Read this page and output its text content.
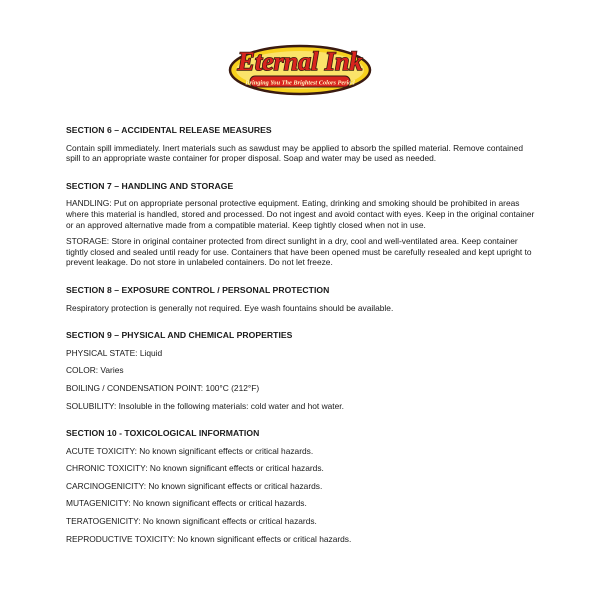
Eternal Ink
Bringing You The Brightest Colors Period
SECTION 6 – ACCIDENTAL RELEASE MEASURES
Contain spill immediately. Inert materials such as sawdust may be applied to absorb the spilled material. Remove contained spill to an appropriate waste container for proper disposal. Soap and water may be used as needed.
SECTION 7 – HANDLING AND STORAGE
HANDLING: Put on appropriate personal protective equipment. Eating, drinking and smoking should be prohibited in areas where this material is handled, stored and processed. Do not ingest and avoid contact with eyes. Keep in the original container or an approved alternative made from a compatible material. Keep tightly closed when not in use.
STORAGE: Store in original container protected from direct sunlight in a dry, cool and well-ventilated area. Keep container tightly closed and sealed until ready for use. Containers that have been opened must be carefully resealed and kept upright to prevent leakage. Do not store in unlabeled containers. Do not let freeze.
SECTION 8 – EXPOSURE CONTROL / PERSONAL PROTECTION
Respiratory protection is generally not required. Eye wash fountains should be available.
SECTION 9 – PHYSICAL AND CHEMICAL PROPERTIES
PHYSICAL STATE: Liquid
COLOR: Varies
BOILING / CONDENSATION POINT: 100°C (212°F)
SOLUBILITY: Insoluble in the following materials: cold water and hot water.
SECTION 10 - TOXICOLOGICAL INFORMATION
ACUTE TOXICITY: No known significant effects or critical hazards.
CHRONIC TOXICITY: No known significant effects or critical hazards.
CARCINOGENICITY: No known significant effects or critical hazards.
MUTAGENICITY: No known significant effects or critical hazards.
TERATOGENICITY: No known significant effects or critical hazards.
REPRODUCTIVE TOXICITY: No known significant effects or critical hazards.
